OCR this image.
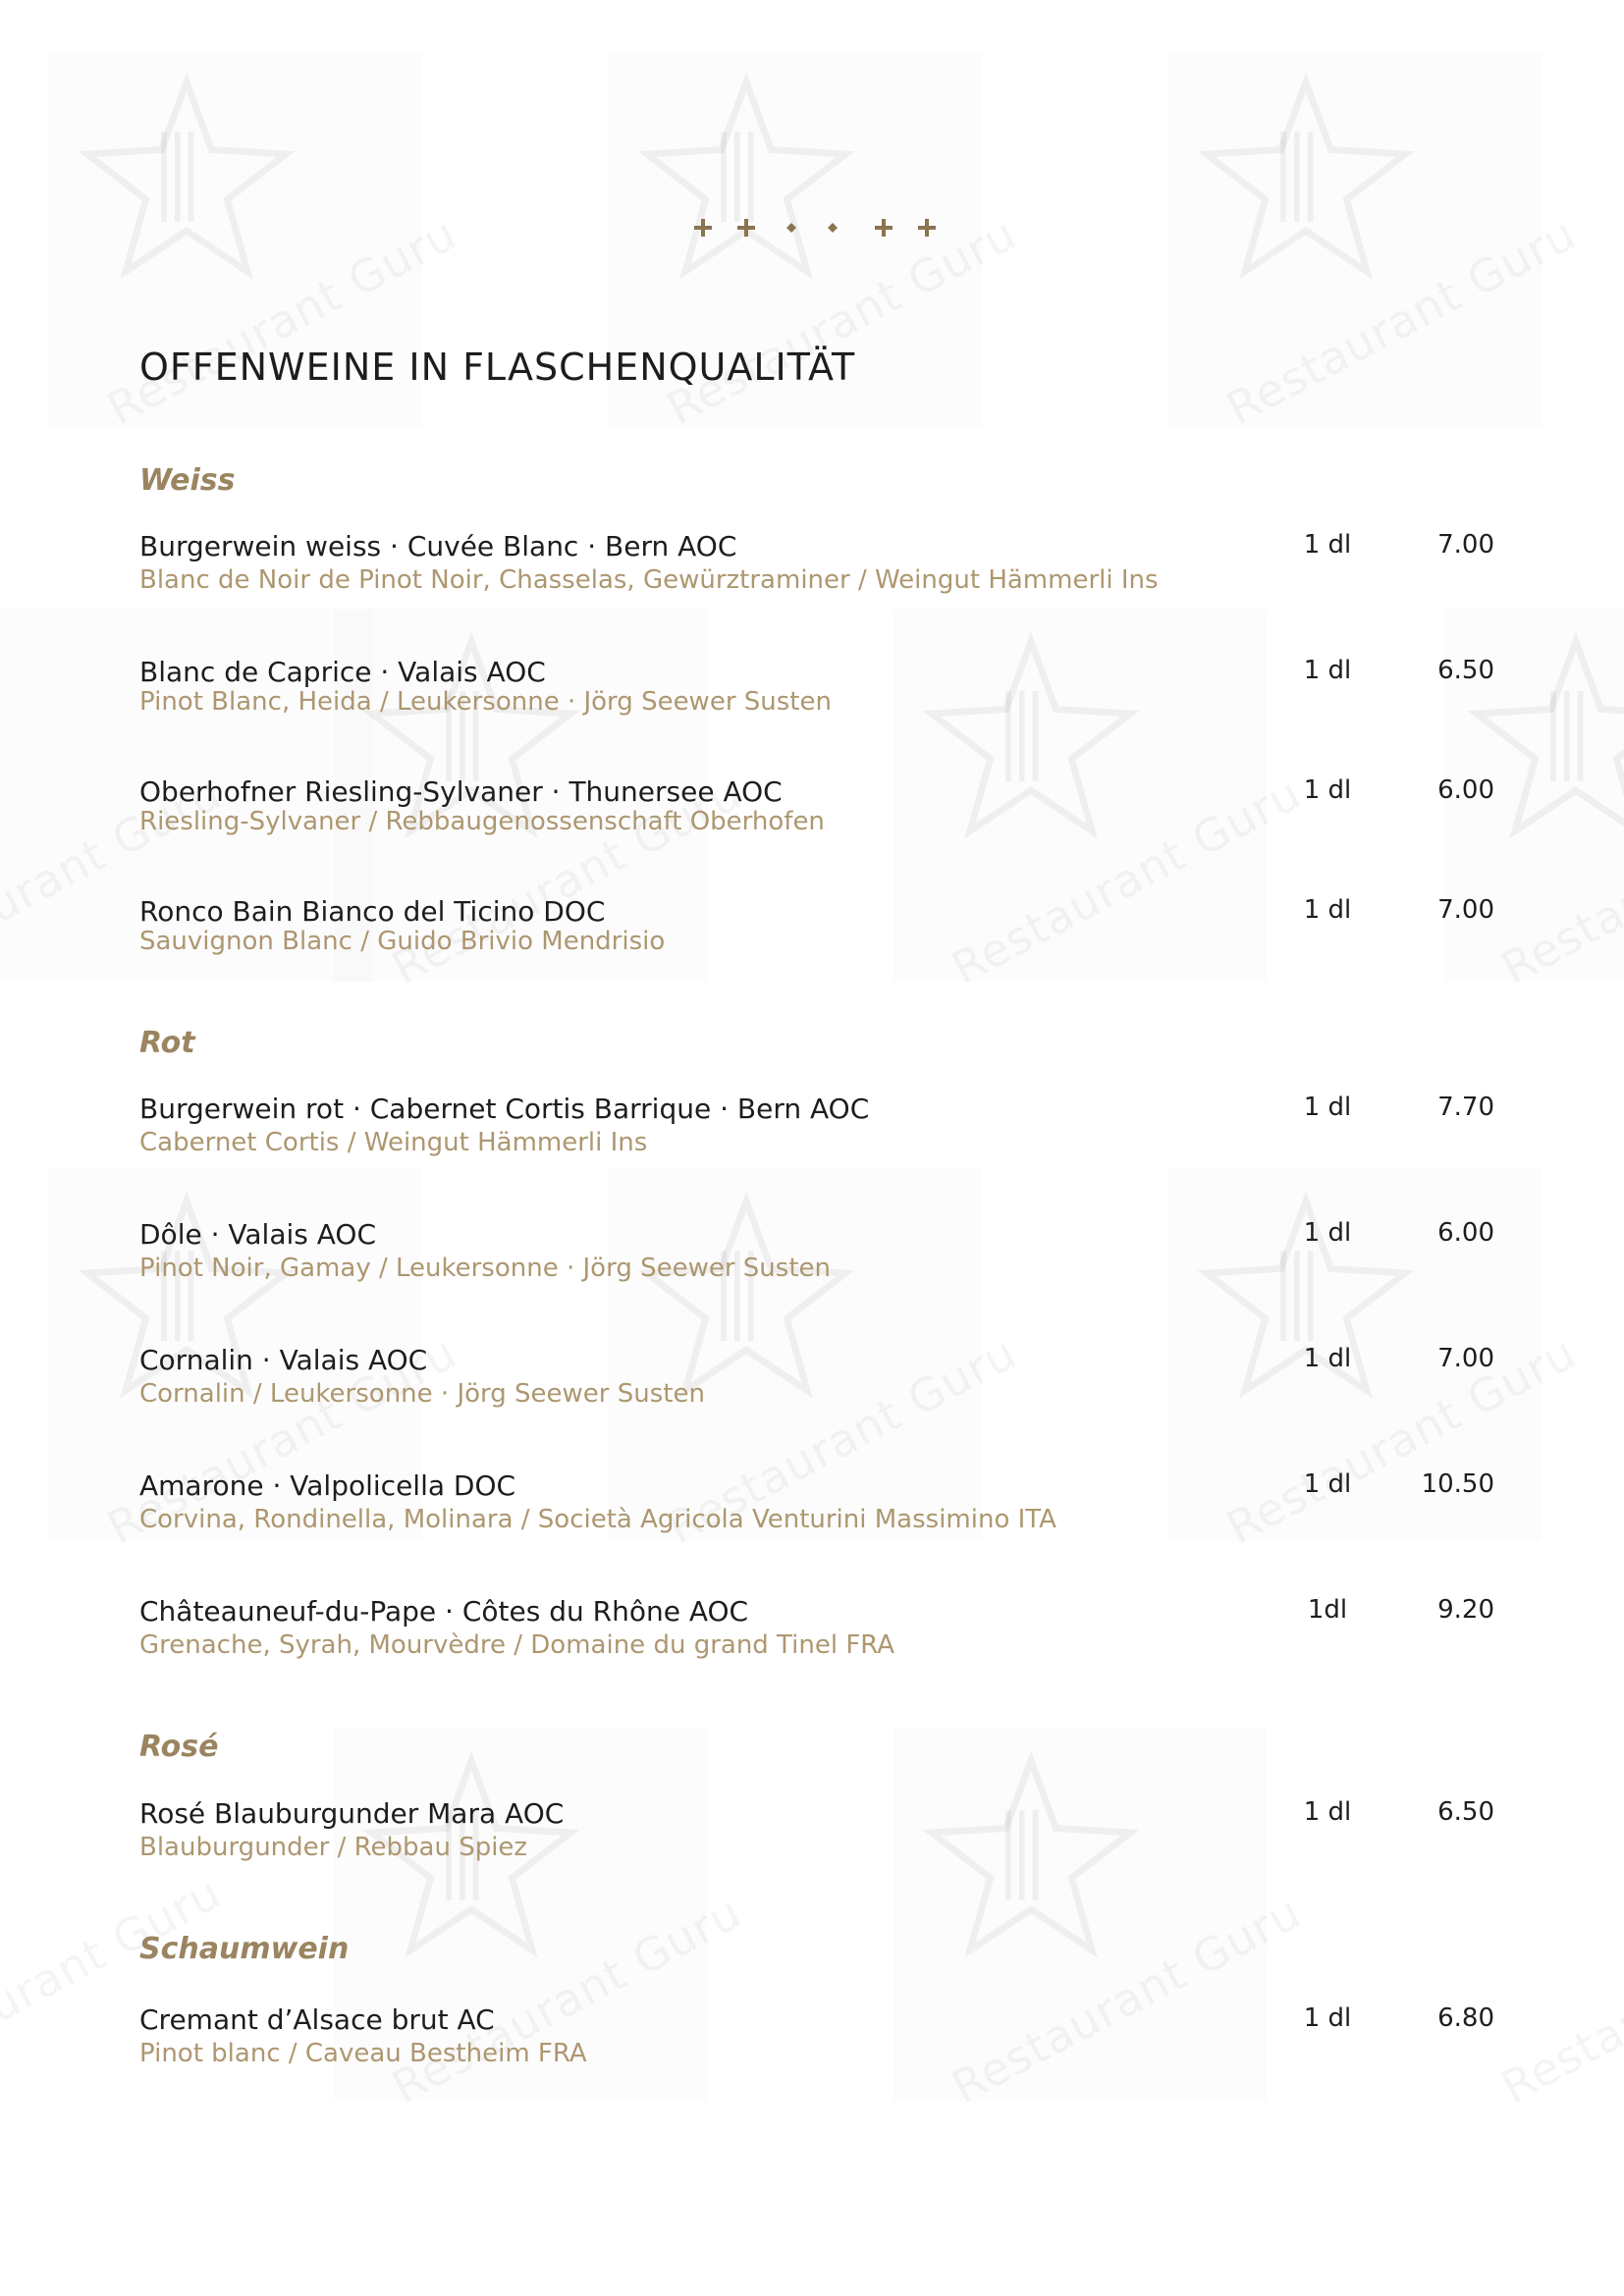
OFFENWEINE IN FLASCHENQUALITÄT
Weiss
Burgerwein weiss · Cuvée Blanc · Bern AOC
Blanc de Noir de Pinot Noir, Chasselas, Gewürztraminer / Weingut Hämmerli Ins
1 dl	7.00
Blanc de Caprice · Valais AOC
Pinot Blanc, Heida / Leukersonne · Jörg Seewer Susten
1 dl	6.50
Oberhofner Riesling-Sylvaner · Thunersee AOC
Riesling-Sylvaner / Rebbaugenossenschaft Oberhofen
1 dl	6.00
Ronco Bain Bianco del Ticino DOC
Sauvignon Blanc / Guido Brivio Mendrisio
1 dl	7.00
Rot
Burgerwein rot · Cabernet Cortis Barrique · Bern AOC
Cabernet Cortis / Weingut Hämmerli Ins
1 dl	7.70
Dôle · Valais AOC
Pinot Noir, Gamay / Leukersonne · Jörg Seewer Susten
1 dl	6.00
Cornalin · Valais AOC
Cornalin / Leukersonne · Jörg Seewer Susten
1 dl	7.00
Amarone · Valpolicella DOC
Corvina, Rondinella, Molinara / Società Agricola Venturini Massimino ITA
1 dl	10.50
Châteauneuf-du-Pape · Côtes du Rhône AOC
Grenache, Syrah, Mourvèdre / Domaine du grand Tinel FRA
1dl	9.20
Rosé
Rosé Blauburgunder Mara AOC
Blauburgunder / Rebbau Spiez
1 dl	6.50
Schaumwein
Cremant d’Alsace brut AC
Pinot blanc / Caveau Bestheim FRA
1 dl	6.80
